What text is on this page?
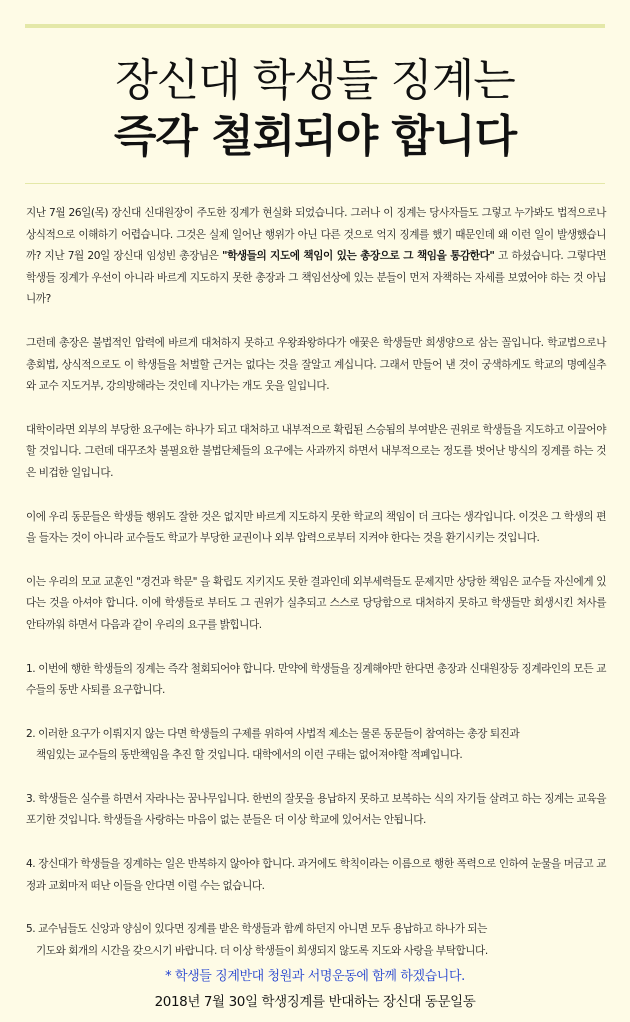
장신대 학생들 징계는
즉각 철회되야 합니다

지난 7월 26일(목) 장신대 신대원장이 주도한 징계가 현실화 되었습니다. 그러나 이 징계는 당사자들도 그렇고 누가봐도 법적으로나 상식적으로 이해하기 어렵습니다. 그것은 실제 일어난 행위가 아닌 다른 것으로 억지 징계를 했기 때문인데 왜 이런 일이 발생했습니까? 지난 7월 20일 장신대 임성빈 총장님은 "학생들의 지도에 책임이 있는 총장으로 그 책임을 통감한다" 고 하셨습니다. 그렇다면 학생들 징계가 우선이 아니라 바르게 지도하지 못한 총장과 그 책임선상에 있는 분들이 먼저 자책하는 자세를 보였어야 하는 것 아닙니까?

그런데 총장은 불법적인 압력에 바르게 대처하지 못하고 우왕좌왕하다가 애꿎은 학생들만 희생양으로 삼는 꼴입니다. 학교법으로나 총회법, 상식적으로도 이 학생들을 처벌할 근거는 없다는 것을 잘알고 계십니다. 그래서 만들어 낸 것이 궁색하게도 학교의 명예실추와 교수 지도거부, 강의방해라는 것인데 지나가는 개도 웃을 일입니다.

대학이라면 외부의 부당한 요구에는 하나가 되고 대처하고 내부적으로 확립된 스승됨의 부여받은 권위로 학생들을 지도하고 이끌어야 할 것입니다. 그런데 대꾸조차 불필요한 불법단체들의 요구에는 사과까지 하면서 내부적으로는 정도를 벗어난 방식의 징계를 하는 것은 비겁한 일입니다.

이에 우리 동문들은 학생들 행위도 잘한 것은 없지만 바르게 지도하지 못한 학교의 책임이 더 크다는 생각입니다. 이것은 그 학생의 편을 들자는 것이 아니라 교수들도 학교가 부당한 교권이나 외부 압력으로부터 지켜야 한다는 것을 환기시키는 것입니다.

이는 우리의 모교 교훈인 "경건과 학문" 을 확립도 지키지도 못한 결과인데 외부세력들도 문제지만 상당한 책임은 교수들 자신에게 있다는 것을 아셔야 합니다. 이에 학생들로 부터도 그 권위가 실추되고 스스로 당당함으로 대처하지 못하고 학생들만 희생시킨 처사를 안타까워 하면서 다음과 같이 우리의 요구를 밝힙니다.

1. 이번에 행한 학생들의 징계는 즉각 철회되어야 합니다. 만약에 학생들을 징계해야만 한다면 총장과 신대원장등 징계라인의 모든 교수들의 동반 사퇴를 요구합니다.

2. 이러한 요구가 이뤄지지 않는 다면 학생들의 구제를 위하여 사법적 제소는 물론 동문들이 참여하는 총장 퇴진과
책임있는 교수들의 동반책임을 추진 할 것입니다. 대학에서의 이런 구태는 없어져야할 적폐입니다.

3. 학생들은 실수를 하면서 자라나는 꿈나무입니다. 한번의 잘못을 용납하지 못하고 보복하는 식의 자기들 살려고 하는 징계는 교육을 포기한 것입니다. 학생들을 사랑하는 마음이 없는 분들은 더 이상 학교에 있어서는 안됩니다.

4. 장신대가 학생들을 징계하는 일은 반복하지 않아야 합니다. 과거에도 학칙이라는 이름으로 행한 폭력으로 인하여 눈물을 머금고 교정과 교회마저 떠난 이들을 안다면 이럴 수는 없습니다.

5. 교수님들도 신앙과 양심이 있다면 징계를 받은 학생들과 함께 하던지 아니면 모두 용납하고 하나가 되는
기도와 회개의 시간을 갖으시기 바랍니다. 더 이상 학생들이 희생되지 않도록 지도와 사랑을 부탁합니다.

* 학생들 징계반대 청원과 서명운동에 함께 하겠습니다.
2018년 7월 30일 학생징계를 반대하는 장신대 동문일동
